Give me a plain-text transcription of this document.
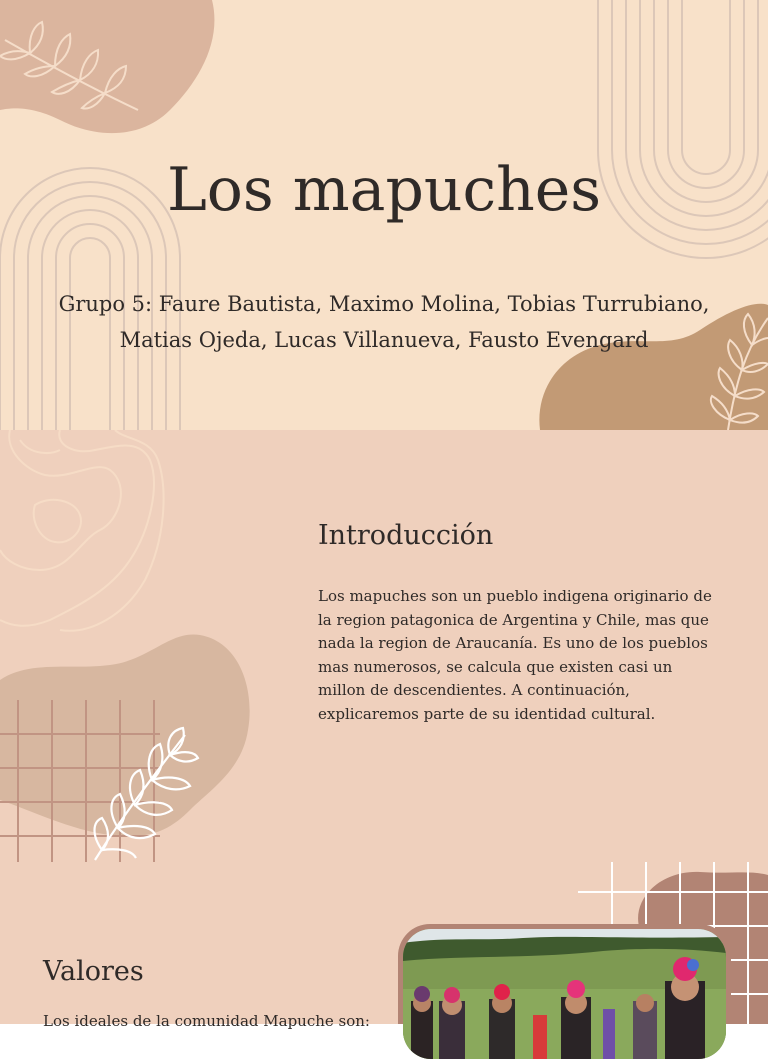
Los mapuches

Grupo 5: Faure Bautista, Maximo Molina, Tobias Turrubiano, Matias Ojeda, Lucas Villanueva, Fausto Evengard

Introducción

Los mapuches son un pueblo indigena originario de la region patagonica de Argentina y Chile, mas que nada la region de Araucanía. Es uno de los pueblos mas numerosos, se calcula que existen casi un millon de descendientes. A continuación, explicaremos parte de su identidad cultural.

Valores

Los ideales de la comunidad Mapuche son:
